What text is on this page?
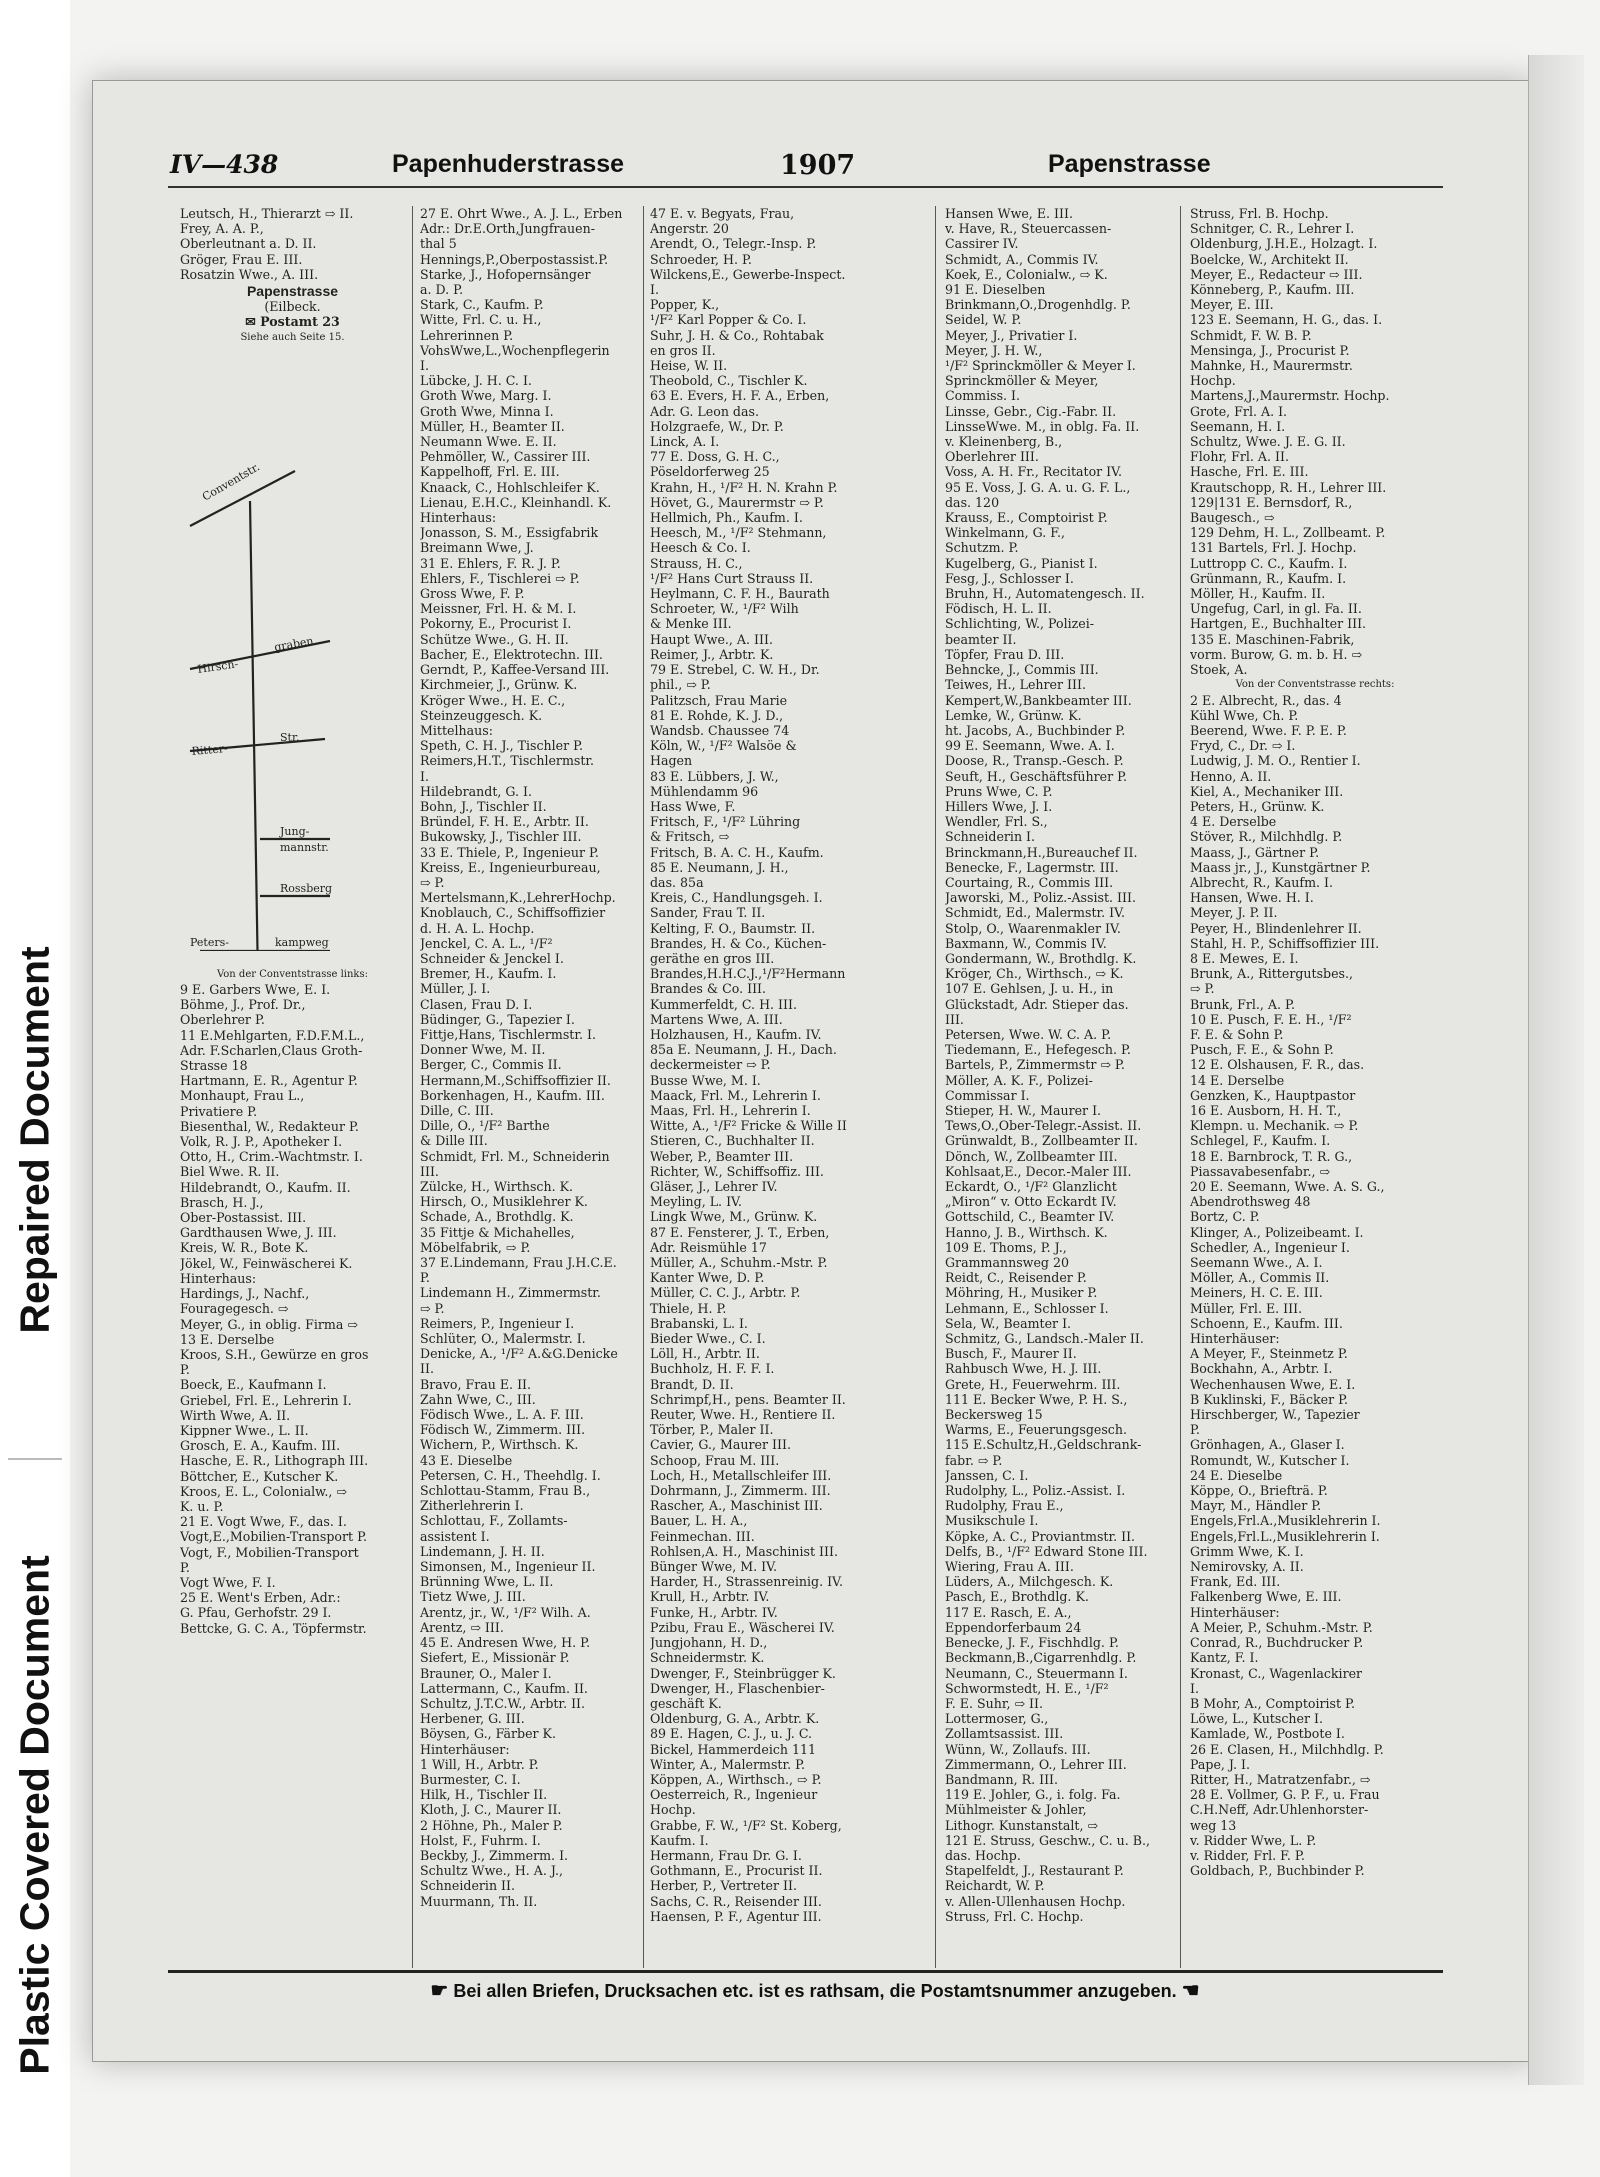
Repaired Document
Plastic Covered Document
IV—438	Papenhuderstrasse	1907	Papenstrasse
Leutsch, H., Thierarzt ⇨ II.
Frey, A. A. P.,
Oberleutnant a. D. II.
Gröger, Frau E. III.
Rosatzin Wwe., A. III.
Papenstrasse
(Eilbeck.
✉ Postamt 23
Siehe auch Seite 15.
Conventstr.
Hirsch-
graben
Ritter-
Str.
Jung-
mannstr.
Rossberg
Peters-	kampweg
Von der Conventstrasse links:
9 E. Garbers Wwe, E. I.
Böhme, J., Prof. Dr.,
Oberlehrer P.
11 E.Mehlgarten, F.D.F.M.L.,
Adr. F.Scharlen,Claus Groth-
Strasse 18
Hartmann, E. R., Agentur P.
Monhaupt, Frau L.,
Privatiere P.
Biesenthal, W., Redakteur P.
Volk, R. J. P., Apotheker I.
Otto, H., Crim.-Wachtmstr. I.
Biel Wwe. R. II.
Hildebrandt, O., Kaufm. II.
Brasch, H. J.,
Ober-Postassist. III.
Gardthausen Wwe, J. III.
Kreis, W. R., Bote K.
Jökel, W., Feinwäscherei K.
Hinterhaus:
Hardings, J., Nachf.,
Fouragegesch. ⇨
Meyer, G., in oblig. Firma ⇨
13 E. Derselbe
Kroos, S.H., Gewürze en gros
P.
Boeck, E., Kaufmann I.
Griebel, Frl. E., Lehrerin I.
Wirth Wwe, A. II.
Kippner Wwe., L. II.
Grosch, E. A., Kaufm. III.
Hasche, E. R., Lithograph III.
Böttcher, E., Kutscher K.
Kroos, E. L., Colonialw., ⇨
K. u. P.
21 E. Vogt Wwe, F., das. I.
Vogt,E.,Mobilien-Transport P.
Vogt, F., Mobilien-Transport
P.
Vogt Wwe, F. I.
25 E. Went's Erben, Adr.:
G. Pfau, Gerhofstr. 29 I.
Bettcke, G. C. A., Töpfermstr.
27 E. Ohrt Wwe., A. J. L., Erben
Adr.: Dr.E.Orth,Jungfrauen-
thal 5
Hennings,P.,Oberpostassist.P.
Starke, J., Hofopernsänger
a. D. P.
Stark, C., Kaufm. P.
Witte, Frl. C. u. H.,
Lehrerinnen P.
VohsWwe,L.,Wochenpflegerin
I.
Lübcke, J. H. C. I.
Groth Wwe, Marg. I.
Groth Wwe, Minna I.
Müller, H., Beamter II.
Neumann Wwe. E. II.
Pehmöller, W., Cassirer III.
Kappelhoff, Frl. E. III.
Knaack, C., Hohlschleifer K.
Lienau, E.H.C., Kleinhandl. K.
Hinterhaus:
Jonasson, S. M., Essigfabrik
Breimann Wwe, J.
31 E. Ehlers, F. R. J. P.
Ehlers, F., Tischlerei ⇨ P.
Gross Wwe, F. P.
Meissner, Frl. H. & M. I.
Pokorny, E., Procurist I.
Schütze Wwe., G. H. II.
Bacher, E., Elektrotechn. III.
Gerndt, P., Kaffee-Versand III.
Kirchmeier, J., Grünw. K.
Kröger Wwe., H. E. C.,
Steinzeuggesch. K.
Mittelhaus:
Speth, C. H. J., Tischler P.
Reimers,H.T., Tischlermstr.
I.
Hildebrandt, G. I.
Bohn, J., Tischler II.
Bründel, F. H. E., Arbtr. II.
Bukowsky, J., Tischler III.
33 E. Thiele, P., Ingenieur P.
Kreiss, E., Ingenieurbureau,
⇨ P.
Mertelsmann,K.,LehrerHochp.
Knoblauch, C., Schiffsoffizier
d. H. A. L. Hochp.
Jenckel, C. A. L., ¹/F²
Schneider & Jenckel I.
Bremer, H., Kaufm. I.
Müller, J. I.
Clasen, Frau D. I.
Büdinger, G., Tapezier I.
Fittje,Hans, Tischlermstr. I.
Donner Wwe, M. II.
Berger, C., Commis II.
Hermann,M.,Schiffsoffizier II.
Borkenhagen, H., Kaufm. III.
Dille, C. III.
Dille, O., ¹/F² Barthe
& Dille III.
Schmidt, Frl. M., Schneiderin
III.
Zülcke, H., Wirthsch. K.
Hirsch, O., Musiklehrer K.
Schade, A., Brothdlg. K.
35 Fittje & Michahelles,
Möbelfabrik, ⇨ P.
37 E.Lindemann, Frau J.H.C.E.
P.
Lindemann H., Zimmermstr.
⇨ P.
Reimers, P., Ingenieur I.
Schlüter, O., Malermstr. I.
Denicke, A., ¹/F² A.&G.Denicke
II.
Bravo, Frau E. II.
Zahn Wwe, C., III.
Födisch Wwe., L. A. F. III.
Födisch W., Zimmerm. III.
Wichern, P., Wirthsch. K.
43 E. Dieselbe
Petersen, C. H., Theehdlg. I.
Schlottau-Stamm, Frau B.,
Zitherlehrerin I.
Schlottau, F., Zollamts-
assistent I.
Lindemann, J. H. II.
Simonsen, M., Ingenieur II.
Brünning Wwe, L. II.
Tietz Wwe, J. III.
Arentz, jr., W., ¹/F² Wilh. A.
Arentz, ⇨ III.
45 E. Andresen Wwe, H. P.
Siefert, E., Missionär P.
Brauner, O., Maler I.
Lattermann, C., Kaufm. II.
Schultz, J.T.C.W., Arbtr. II.
Herbener, G. III.
Böysen, G., Färber K.
Hinterhäuser:
1 Will, H., Arbtr. P.
Burmester, C. I.
Hilk, H., Tischler II.
Kloth, J. C., Maurer II.
2 Höhne, Ph., Maler P.
Holst, F., Fuhrm. I.
Beckby, J., Zimmerm. I.
Schultz Wwe., H. A. J.,
Schneiderin II.
Muurmann, Th. II.
47 E. v. Begyats, Frau,
Angerstr. 20
Arendt, O., Telegr.-Insp. P.
Schroeder, H. P.
Wilckens,E., Gewerbe-Inspect.
I.
Popper, K.,
¹/F² Karl Popper & Co. I.
Suhr, J. H. & Co., Rohtabak
en gros II.
Heise, W. II.
Theobold, C., Tischler K.
63 E. Evers, H. F. A., Erben,
Adr. G. Leon das.
Holzgraefe, W., Dr. P.
Linck, A. I.
77 E. Doss, G. H. C.,
Pöseldorferweg 25
Krahn, H., ¹/F² H. N. Krahn P.
Hövet, G., Maurermstr ⇨ P.
Hellmich, Ph., Kaufm. I.
Heesch, M., ¹/F² Stehmann,
Heesch & Co. I.
Strauss, H. C.,
¹/F² Hans Curt Strauss II.
Heylmann, C. F. H., Baurath
Schroeter, W., ¹/F² Wilh
& Menke III.
Haupt Wwe., A. III.
Reimer, J., Arbtr. K.
79 E. Strebel, C. W. H., Dr.
phil., ⇨ P.
Palitzsch, Frau Marie
81 E. Rohde, K. J. D.,
Wandsb. Chaussee 74
Köln, W., ¹/F² Walsöe &
Hagen
83 E. Lübbers, J. W.,
Mühlendamm 96
Hass Wwe, F.
Fritsch, F., ¹/F² Lühring
& Fritsch, ⇨
Fritsch, B. A. C. H., Kaufm.
85 E. Neumann, J. H.,
das. 85a
Kreis, C., Handlungsgeh. I.
Sander, Frau T. II.
Kelting, F. O., Baumstr. II.
Brandes, H. & Co., Küchen-
geräthe en gros III.
Brandes,H.H.C.J.,¹/F²Hermann
Brandes & Co. III.
Kummerfeldt, C. H. III.
Martens Wwe, A. III.
Holzhausen, H., Kaufm. IV.
85a E. Neumann, J. H., Dach.
deckermeister ⇨ P.
Busse Wwe, M. I.
Maack, Frl. M., Lehrerin I.
Maas, Frl. H., Lehrerin I.
Witte, A., ¹/F² Fricke & Wille II
Stieren, C., Buchhalter II.
Weber, P., Beamter III.
Richter, W., Schiffsoffiz. III.
Gläser, J., Lehrer IV.
Meyling, L. IV.
Lingk Wwe, M., Grünw. K.
87 E. Fensterer, J. T., Erben,
Adr. Reismühle 17
Müller, A., Schuhm.-Mstr. P.
Kanter Wwe, D. P.
Müller, C. C. J., Arbtr. P.
Thiele, H. P.
Brabanski, L. I.
Bieder Wwe., C. I.
Löll, H., Arbtr. II.
Buchholz, H. F. F. I.
Brandt, D. II.
Schrimpf,H., pens. Beamter II.
Reuter, Wwe. H., Rentiere II.
Törber, P., Maler II.
Cavier, G., Maurer III.
Schoop, Frau M. III.
Loch, H., Metallschleifer III.
Dohrmann, J., Zimmerm. III.
Rascher, A., Maschinist III.
Bauer, L. H. A.,
Feinmechan. III.
Rohlsen,A. H., Maschinist III.
Bünger Wwe, M. IV.
Harder, H., Strassenreinig. IV.
Krull, H., Arbtr. IV.
Funke, H., Arbtr. IV.
Pzibu, Frau E., Wäscherei IV.
Jungjohann, H. D.,
Schneidermstr. K.
Dwenger, F., Steinbrügger K.
Dwenger, H., Flaschenbier-
geschäft K.
Oldenburg, G. A., Arbtr. K.
89 E. Hagen, C. J., u. J. C.
Bickel, Hammerdeich 111
Winter, A., Malermstr. P.
Köppen, A., Wirthsch., ⇨ P.
Oesterreich, R., Ingenieur
Hochp.
Grabbe, F. W., ¹/F² St. Koberg,
Kaufm. I.
Hermann, Frau Dr. G. I.
Gothmann, E., Procurist II.
Herber, P., Vertreter II.
Sachs, C. R., Reisender III.
Haensen, P. F., Agentur III.
Hansen Wwe, E. III.
v. Have, R., Steuercassen-
Cassirer IV.
Schmidt, A., Commis IV.
Koek, E., Colonialw., ⇨ K.
91 E. Dieselben
Brinkmann,O.,Drogenhdlg. P.
Seidel, W. P.
Meyer, J., Privatier I.
Meyer, J. H. W.,
¹/F² Sprinckmöller & Meyer I.
Sprinckmöller & Meyer,
Commiss. I.
Linsse, Gebr., Cig.-Fabr. II.
LinsseWwe. M., in oblg. Fa. II.
v. Kleinenberg, B.,
Oberlehrer III.
Voss, A. H. Fr., Recitator IV.
95 E. Voss, J. G. A. u. G. F. L.,
das. 120
Krauss, E., Comptoirist P.
Winkelmann, G. F.,
Schutzm. P.
Kugelberg, G., Pianist I.
Fesg, J., Schlosser I.
Bruhn, H., Automatengesch. II.
Födisch, H. L. II.
Schlichting, W., Polizei-
beamter II.
Töpfer, Frau D. III.
Behncke, J., Commis III.
Teiwes, H., Lehrer III.
Kempert,W.,Bankbeamter III.
Lemke, W., Grünw. K.
ht. Jacobs, A., Buchbinder P.
99 E. Seemann, Wwe. A. I.
Doose, R., Transp.-Gesch. P.
Seuft, H., Geschäftsführer P.
Pruns Wwe, C. P.
Hillers Wwe, J. I.
Wendler, Frl. S.,
Schneiderin I.
Brinckmann,H.,Bureauchef II.
Benecke, F., Lagermstr. III.
Courtaing, R., Commis III.
Jaworski, M., Poliz.-Assist. III.
Schmidt, Ed., Malermstr. IV.
Stolp, O., Waarenmakler IV.
Baxmann, W., Commis IV.
Gondermann, W., Brothdlg. K.
Kröger, Ch., Wirthsch., ⇨ K.
107 E. Gehlsen, J. u. H., in
Glückstadt, Adr. Stieper das.
III.
Petersen, Wwe. W. C. A. P.
Tiedemann, E., Hefegesch. P.
Bartels, P., Zimmermstr ⇨ P.
Möller, A. K. F., Polizei-
Commissar I.
Stieper, H. W., Maurer I.
Tews,O.,Ober-Telegr.-Assist. II.
Grünwaldt, B., Zollbeamter II.
Dönch, W., Zollbeamter III.
Kohlsaat,E., Decor.-Maler III.
Eckardt, O., ¹/F² Glanzlicht
„Miron“ v. Otto Eckardt IV.
Gottschild, C., Beamter IV.
Hanno, J. B., Wirthsch. K.
109 E. Thoms, P. J.,
Grammannsweg 20
Reidt, C., Reisender P.
Möhring, H., Musiker P.
Lehmann, E., Schlosser I.
Sela, W., Beamter I.
Schmitz, G., Landsch.-Maler II.
Busch, F., Maurer II.
Rahbusch Wwe, H. J. III.
Grete, H., Feuerwehrm. III.
111 E. Becker Wwe, P. H. S.,
Beckersweg 15
Warms, E., Feuerungsgesch.
115 E.Schultz,H.,Geldschrank-
fabr. ⇨ P.
Janssen, C. I.
Rudolphy, L., Poliz.-Assist. I.
Rudolphy, Frau E.,
Musikschule I.
Köpke, A. C., Proviantmstr. II.
Delfs, B., ¹/F² Edward Stone III.
Wiering, Frau A. III.
Lüders, A., Milchgesch. K.
Pasch, E., Brothdlg. K.
117 E. Rasch, E. A.,
Eppendorferbaum 24
Benecke, J. F., Fischhdlg. P.
Beckmann,B.,Cigarrenhdlg. P.
Neumann, C., Steuermann I.
Schwormstedt, H. E., ¹/F²
F. E. Suhr, ⇨ II.
Lottermoser, G.,
Zollamtsassist. III.
Wünn, W., Zollaufs. III.
Zimmermann, O., Lehrer III.
Bandmann, R. III.
119 E. Johler, G., i. folg. Fa.
Mühlmeister & Johler,
Lithogr. Kunstanstalt, ⇨
121 E. Struss, Geschw., C. u. B.,
das. Hochp.
Stapelfeldt, J., Restaurant P.
Reichardt, W. P.
v. Allen-Ullenhausen Hochp.
Struss, Frl. C. Hochp.
Struss, Frl. B. Hochp.
Schnitger, C. R., Lehrer I.
Oldenburg, J.H.E., Holzagt. I.
Boelcke, W., Architekt II.
Meyer, E., Redacteur ⇨ III.
Könneberg, P., Kaufm. III.
Meyer, E. III.
123 E. Seemann, H. G., das. I.
Schmidt, F. W. B. P.
Mensinga, J., Procurist P.
Mahnke, H., Maurermstr.
Hochp.
Martens,J.,Maurermstr. Hochp.
Grote, Frl. A. I.
Seemann, H. I.
Schultz, Wwe. J. E. G. II.
Flohr, Frl. A. II.
Hasche, Frl. E. III.
Krautschopp, R. H., Lehrer III.
129|131 E. Bernsdorf, R.,
Baugesch., ⇨
129 Dehm, H. L., Zollbeamt. P.
131 Bartels, Frl. J. Hochp.
Luttropp C. C., Kaufm. I.
Grünmann, R., Kaufm. I.
Möller, H., Kaufm. II.
Ungefug, Carl, in gl. Fa. II.
Hartgen, E., Buchhalter III.
135 E. Maschinen-Fabrik,
vorm. Burow, G. m. b. H. ⇨
Stoek, A.
Von der Conventstrasse rechts:
2 E. Albrecht, R., das. 4
Kühl Wwe, Ch. P.
Beerend, Wwe. F. P. E. P.
Fryd, C., Dr. ⇨ I.
Ludwig, J. M. O., Rentier I.
Henno, A. II.
Kiel, A., Mechaniker III.
Peters, H., Grünw. K.
4 E. Derselbe
Stöver, R., Milchhdlg. P.
Maass, J., Gärtner P.
Maass jr., J., Kunstgärtner P.
Albrecht, R., Kaufm. I.
Hansen, Wwe. H. I.
Meyer, J. P. II.
Peyer, H., Blindenlehrer II.
Stahl, H. P., Schiffsoffizier III.
8 E. Mewes, E. I.
Brunk, A., Rittergutsbes.,
⇨ P.
Brunk, Frl., A. P.
10 E. Pusch, F. E. H., ¹/F²
F. E. & Sohn P.
Pusch, F. E., & Sohn P.
12 E. Olshausen, F. R., das.
14 E. Derselbe
Genzken, K., Hauptpastor
16 E. Ausborn, H. H. T.,
Klempn. u. Mechanik. ⇨ P.
Schlegel, F., Kaufm. I.
18 E. Barnbrock, T. R. G.,
Piassavabesenfabr., ⇨
20 E. Seemann, Wwe. A. S. G.,
Abendrothsweg 48
Bortz, C. P.
Klinger, A., Polizeibeamt. I.
Schedler, A., Ingenieur I.
Seemann Wwe., A. I.
Möller, A., Commis II.
Meiners, H. C. E. III.
Müller, Frl. E. III.
Schoenn, E., Kaufm. III.
Hinterhäuser:
A Meyer, F., Steinmetz P.
Bockhahn, A., Arbtr. I.
Wechenhausen Wwe, E. I.
B Kuklinski, F., Bäcker P.
Hirschberger, W., Tapezier
P.
Grönhagen, A., Glaser I.
Romundt, W., Kutscher I.
24 E. Dieselbe
Köppe, O., Briefträ. P.
Mayr, M., Händler P.
Engels,Frl.A.,Musiklehrerin I.
Engels,Frl.L.,Musiklehrerin I.
Grimm Wwe, K. I.
Nemirovsky, A. II.
Frank, Ed. III.
Falkenberg Wwe, E. III.
Hinterhäuser:
A Meier, P., Schuhm.-Mstr. P.
Conrad, R., Buchdrucker P.
Kantz, F. I.
Kronast, C., Wagenlackirer
I.
B Mohr, A., Comptoirist P.
Löwe, L., Kutscher I.
Kamlade, W., Postbote I.
26 E. Clasen, H., Milchhdlg. P.
Pape, J. I.
Ritter, H., Matratzenfabr., ⇨
28 E. Vollmer, G. P. F., u. Frau
C.H.Neff, Adr.Uhlenhorster-
weg 13
v. Ridder Wwe, L. P.
v. Ridder, Frl. F. P.
Goldbach, P., Buchbinder P.
☛ Bei allen Briefen, Drucksachen etc. ist es rathsam, die Postamtsnummer anzugeben. ☚
